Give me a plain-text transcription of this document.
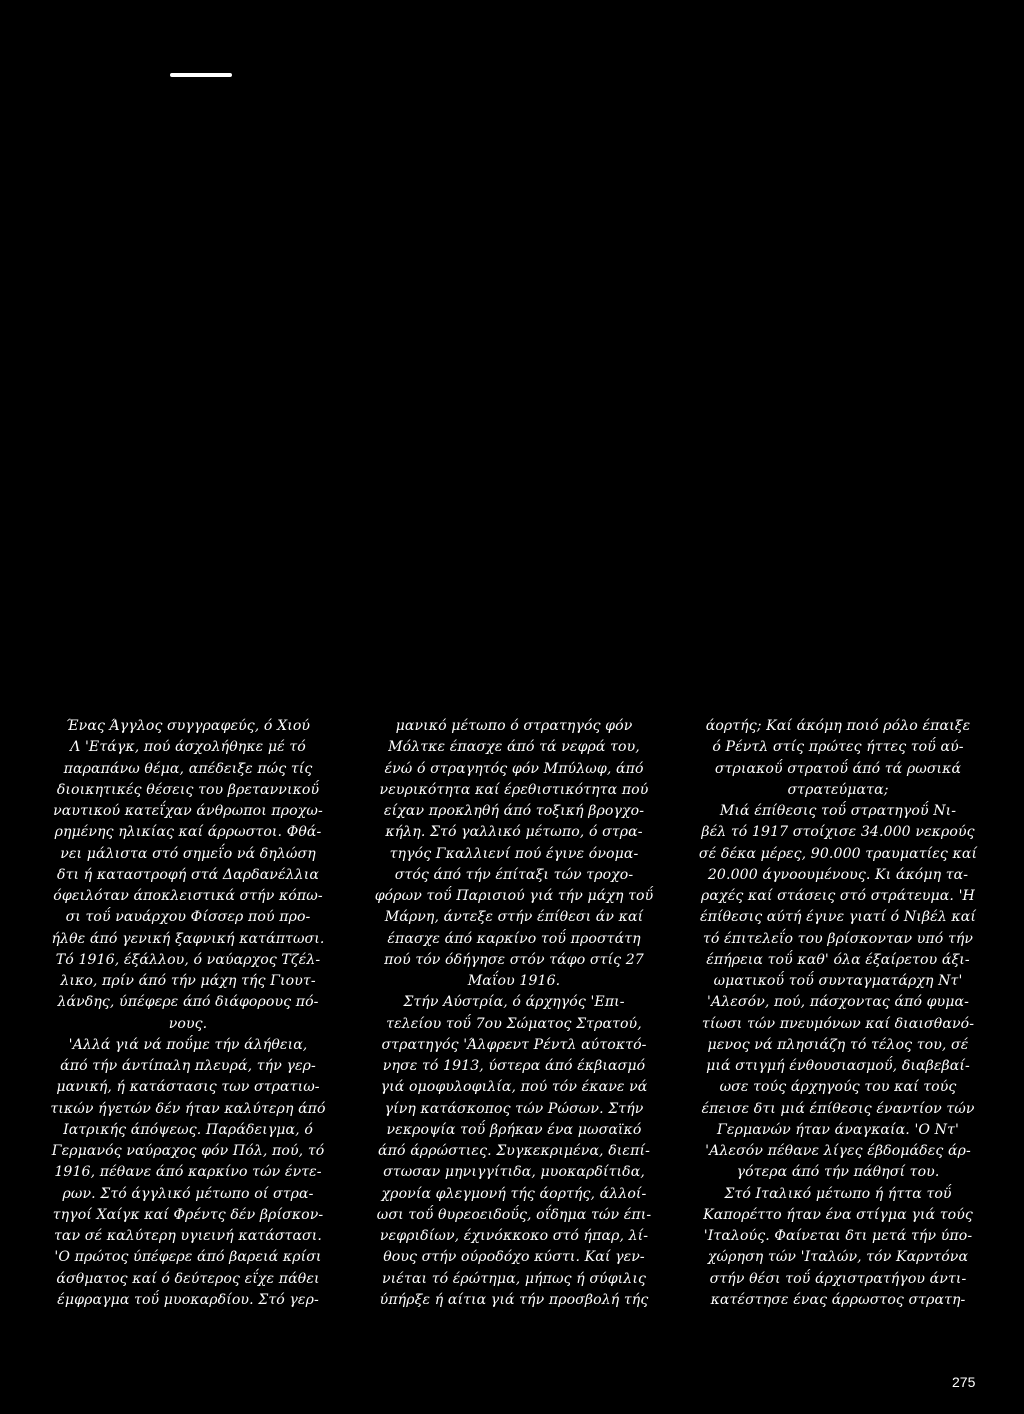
Ένας Άγγλος συγγραφεύς, ό Χιού
Λ 'Ετάγκ, πού άσχολήθηκε μέ τό
παραπάνω θέμα, απέδειξε πώς τίς
διοικητικές θέσεις του βρεταννικοΰ
ναυτικού κατεΐχαν άνθρωποι προχω-
ρημένης ηλικίας καί άρρωστοι. Φθά-
νει μάλιστα στό σημεΐο νά δηλώση
δτι ή καταστροφή στά Δαρδανέλλια
όφειλόταν άποκλειστικά στήν κόπω-
σι τοΰ ναυάρχου Φίσσερ πού προ-
ήλθε άπό γενική ξαφνική κατάπτωσι.
Τό 1916, έξάλλου, ό ναύαρχος Τζέλ-
λικο, πρίν άπό τήν μάχη τής Γιουτ-
λάνδης, ύπέφερε άπό διάφορους πό-
νους.
'Αλλά γιά νά ποΰμε τήν άλήθεια,
άπό τήν άντίπαλη πλευρά, τήν γερ-
μανική, ή κατάστασις των στρατιω-
τικών ήγετών δέν ήταν καλύτερη άπό
Ιατρικής άπόψεως. Παράδειγμα, ό
Γερμανός ναύραχος φόν Πόλ, πού, τό
1916, πέθανε άπό καρκίνο τών έντε-
ρων. Στό άγγλικό μέτωπο οί στρα-
τηγοί Χαίγκ καί Φρέντς δέν βρίσκον-
ταν σέ καλύτερη υγιεινή κατάστασι.
'Ο πρώτος ύπέφερε άπό βαρειά κρίσι
άσθματος καί ό δεύτερος εΐχε πάθει
έμφραγμα τοΰ μυοκαρδίου. Στό γερ-
μανικό μέτωπο ό στρατηγός φόν
Μόλτκε έπασχε άπό τά νεφρά του,
ένώ ό στραγητός φόν Μπύλωφ, άπό
νευρικότητα καί έρεθιστικότητα πού
είχαν προκληθή άπό τοξική βρογχο-
κήλη. Στό γαλλικό μέτωπο, ό στρα-
τηγός Γκαλλιενί πού έγινε όνομα-
στός άπό τήν έπίταξι τών τροχο-
φόρων τοΰ Παρισιού γιά τήν μάχη τοΰ
Μάρνη, άντεξε στήν έπίθεσι άν καί
έπασχε άπό καρκίνο τοΰ προστάτη
πού τόν όδήγησε στόν τάφο στίς 27
Μαΐου 1916.
Στήν Αύστρία, ό άρχηγός 'Επι-
τελείου τοΰ 7ου Σώματος Στρατού,
στρατηγός 'Άλφρεντ Ρέντλ αύτοκτό-
νησε τό 1913, ύστερα άπό έκβιασμό
γιά ομοφυλοφιλία, πού τόν έκανε νά
γίνη κατάσκοπος τών Ρώσων. Στήν
νεκροψία τοΰ βρήκαν ένα μωσαϊκό
άπό άρρώστιες. Συγκεκριμένα, διεπί-
στωσαν μηνιγγίτιδα, μυοκαρδίτιδα,
χρονία φλεγμονή τής άορτής, άλλοί-
ωσι τοΰ θυρεοειδοΰς, οΐδημα τών έπι-
νεφριδίων, έχινόκκοκο στό ήπαρ, λί-
θους στήν ούροδόχο κύστι. Καί γεν-
νιέται τό έρώτημα, μήπως ή σύφιλις
ύπήρξε ή αίτια γιά τήν προσβολή τής
άορτής; Καί άκόμη ποιό ρόλο έπαιξε
ό Ρέντλ στίς πρώτες ήττες τοΰ αύ-
στριακοΰ στρατοΰ άπό τά ρωσικά
στρατεύματα;
Μιά έπίθεσις τοΰ στρατηγοΰ Νι-
βέλ τό 1917 στοίχισε 34.000 νεκρούς
σέ δέκα μέρες, 90.000 τραυματίες καί
20.000 άγνοουμένους. Κι άκόμη τα-
ραχές καί στάσεις στό στράτευμα. 'Η
έπίθεσις αύτή έγινε γιατί ό Νιβέλ καί
τό έπιτελεΐο του βρίσκονταν υπό τήν
έπήρεια τοΰ καθ' όλα έξαίρετου άξι-
ωματικοΰ τοΰ συνταγματάρχη Ντ'
'Αλεσόν, πού, πάσχοντας άπό φυμα-
τίωσι τών πνευμόνων καί διαισθανό-
μενος νά πλησιάζη τό τέλος του, σέ
μιά στιγμή ένθουσιασμοΰ, διαβεβαί-
ωσε τούς άρχηγούς του καί τούς
έπεισε δτι μιά έπίθεσις έναντίον τών
Γερμανών ήταν άναγκαία. 'Ο Ντ'
'Αλεσόν πέθανε λίγες έβδομάδες άρ-
γότερα άπό τήν πάθησί του.
Στό Ιταλικό μέτωπο ή ήττα τοΰ
Καπορέττο ήταν ένα στίγμα γιά τούς
'Ιταλούς. Φαίνεται δτι μετά τήν ύπο-
χώρηση τών 'Ιταλών, τόν Καρντόνα
στήν θέσι τοΰ άρχιστρατήγου άντι-
κατέστησε ένας άρρωστος στρατη-
275
